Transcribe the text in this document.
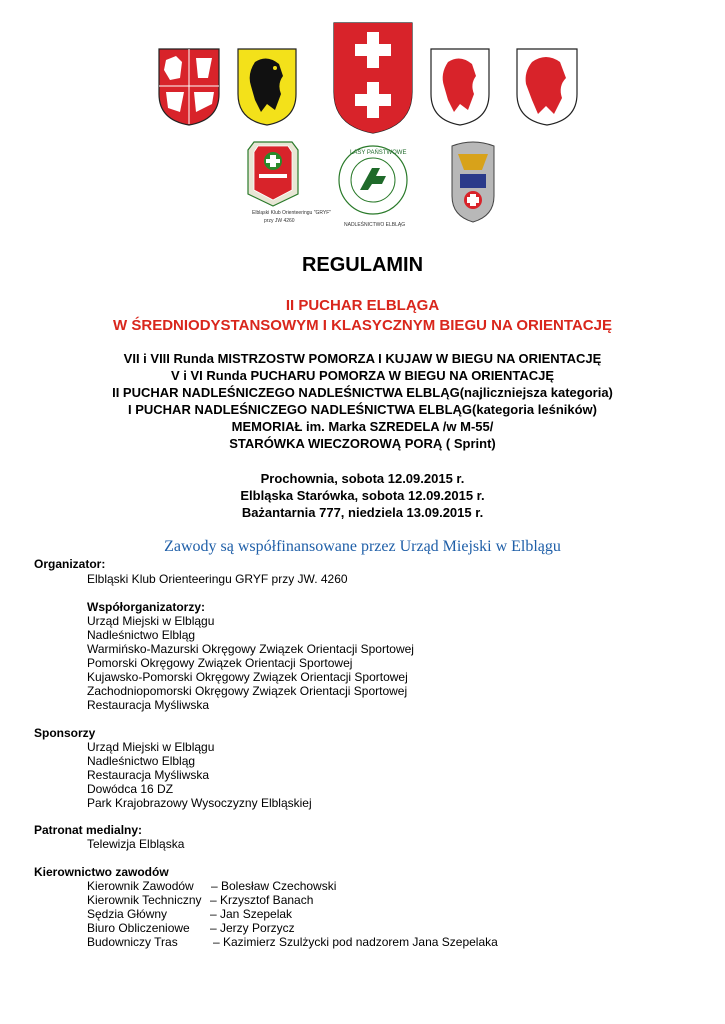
Elbląski Klub Orienteeringu "GRYF"
przy JW 4260
LASY PAŃSTWOWE
NADLEŚNICTWO ELBLĄG
REGULAMIN
II PUCHAR ELBLĄGA
W ŚREDNIODYSTANSOWYM I KLASYCZNYM BIEGU NA ORIENTACJĘ
VII i VIII Runda MISTRZOSTW POMORZA I KUJAW W BIEGU NA ORIENTACJĘ
V i VI Runda PUCHARU POMORZA W BIEGU NA ORIENTACJĘ
II PUCHAR NADLEŚNICZEGO NADLEŚNICTWA ELBLĄG(najliczniejsza kategoria)
I PUCHAR NADLEŚNICZEGO NADLEŚNICTWA ELBLĄG(kategoria leśników)
MEMORIAŁ im. Marka SZREDELA /w M-55/
STARÓWKA WIECZOROWĄ PORĄ ( Sprint)
Prochownia, sobota 12.09.2015 r.
Elbląska Starówka, sobota 12.09.2015 r.
Bażantarnia 777, niedziela 13.09.2015 r.
Zawody są współfinansowane przez Urząd Miejski w Elblągu
Organizator:
Elbląski Klub Orienteeringu GRYF przy JW. 4260
Współorganizatorzy:
Urząd Miejski w Elblągu
Nadleśnictwo Elbląg
Warmińsko-Mazurski Okręgowy Związek Orientacji Sportowej
Pomorski Okręgowy Związek Orientacji Sportowej
Kujawsko-Pomorski Okręgowy Związek Orientacji Sportowej
Zachodniopomorski Okręgowy Związek Orientacji Sportowej
Restauracja Myśliwska
Sponsorzy
Urząd Miejski w Elblągu
Nadleśnictwo Elbląg
Restauracja Myśliwska
Dowódca 16 DZ
Park Krajobrazowy Wysoczyzny Elbląskiej
Patronat medialny:
Telewizja Elbląska
Kierownictwo zawodów
Kierownik Zawodów – Bolesław Czechowski
Kierownik Techniczny – Krzysztof Banach
Sędzia Główny	– Jan Szepelak
Biuro Obliczeniowe – Jerzy Porzycz
Budowniczy Tras	– Kazimierz Szulżycki pod nadzorem Jana Szepelaka
